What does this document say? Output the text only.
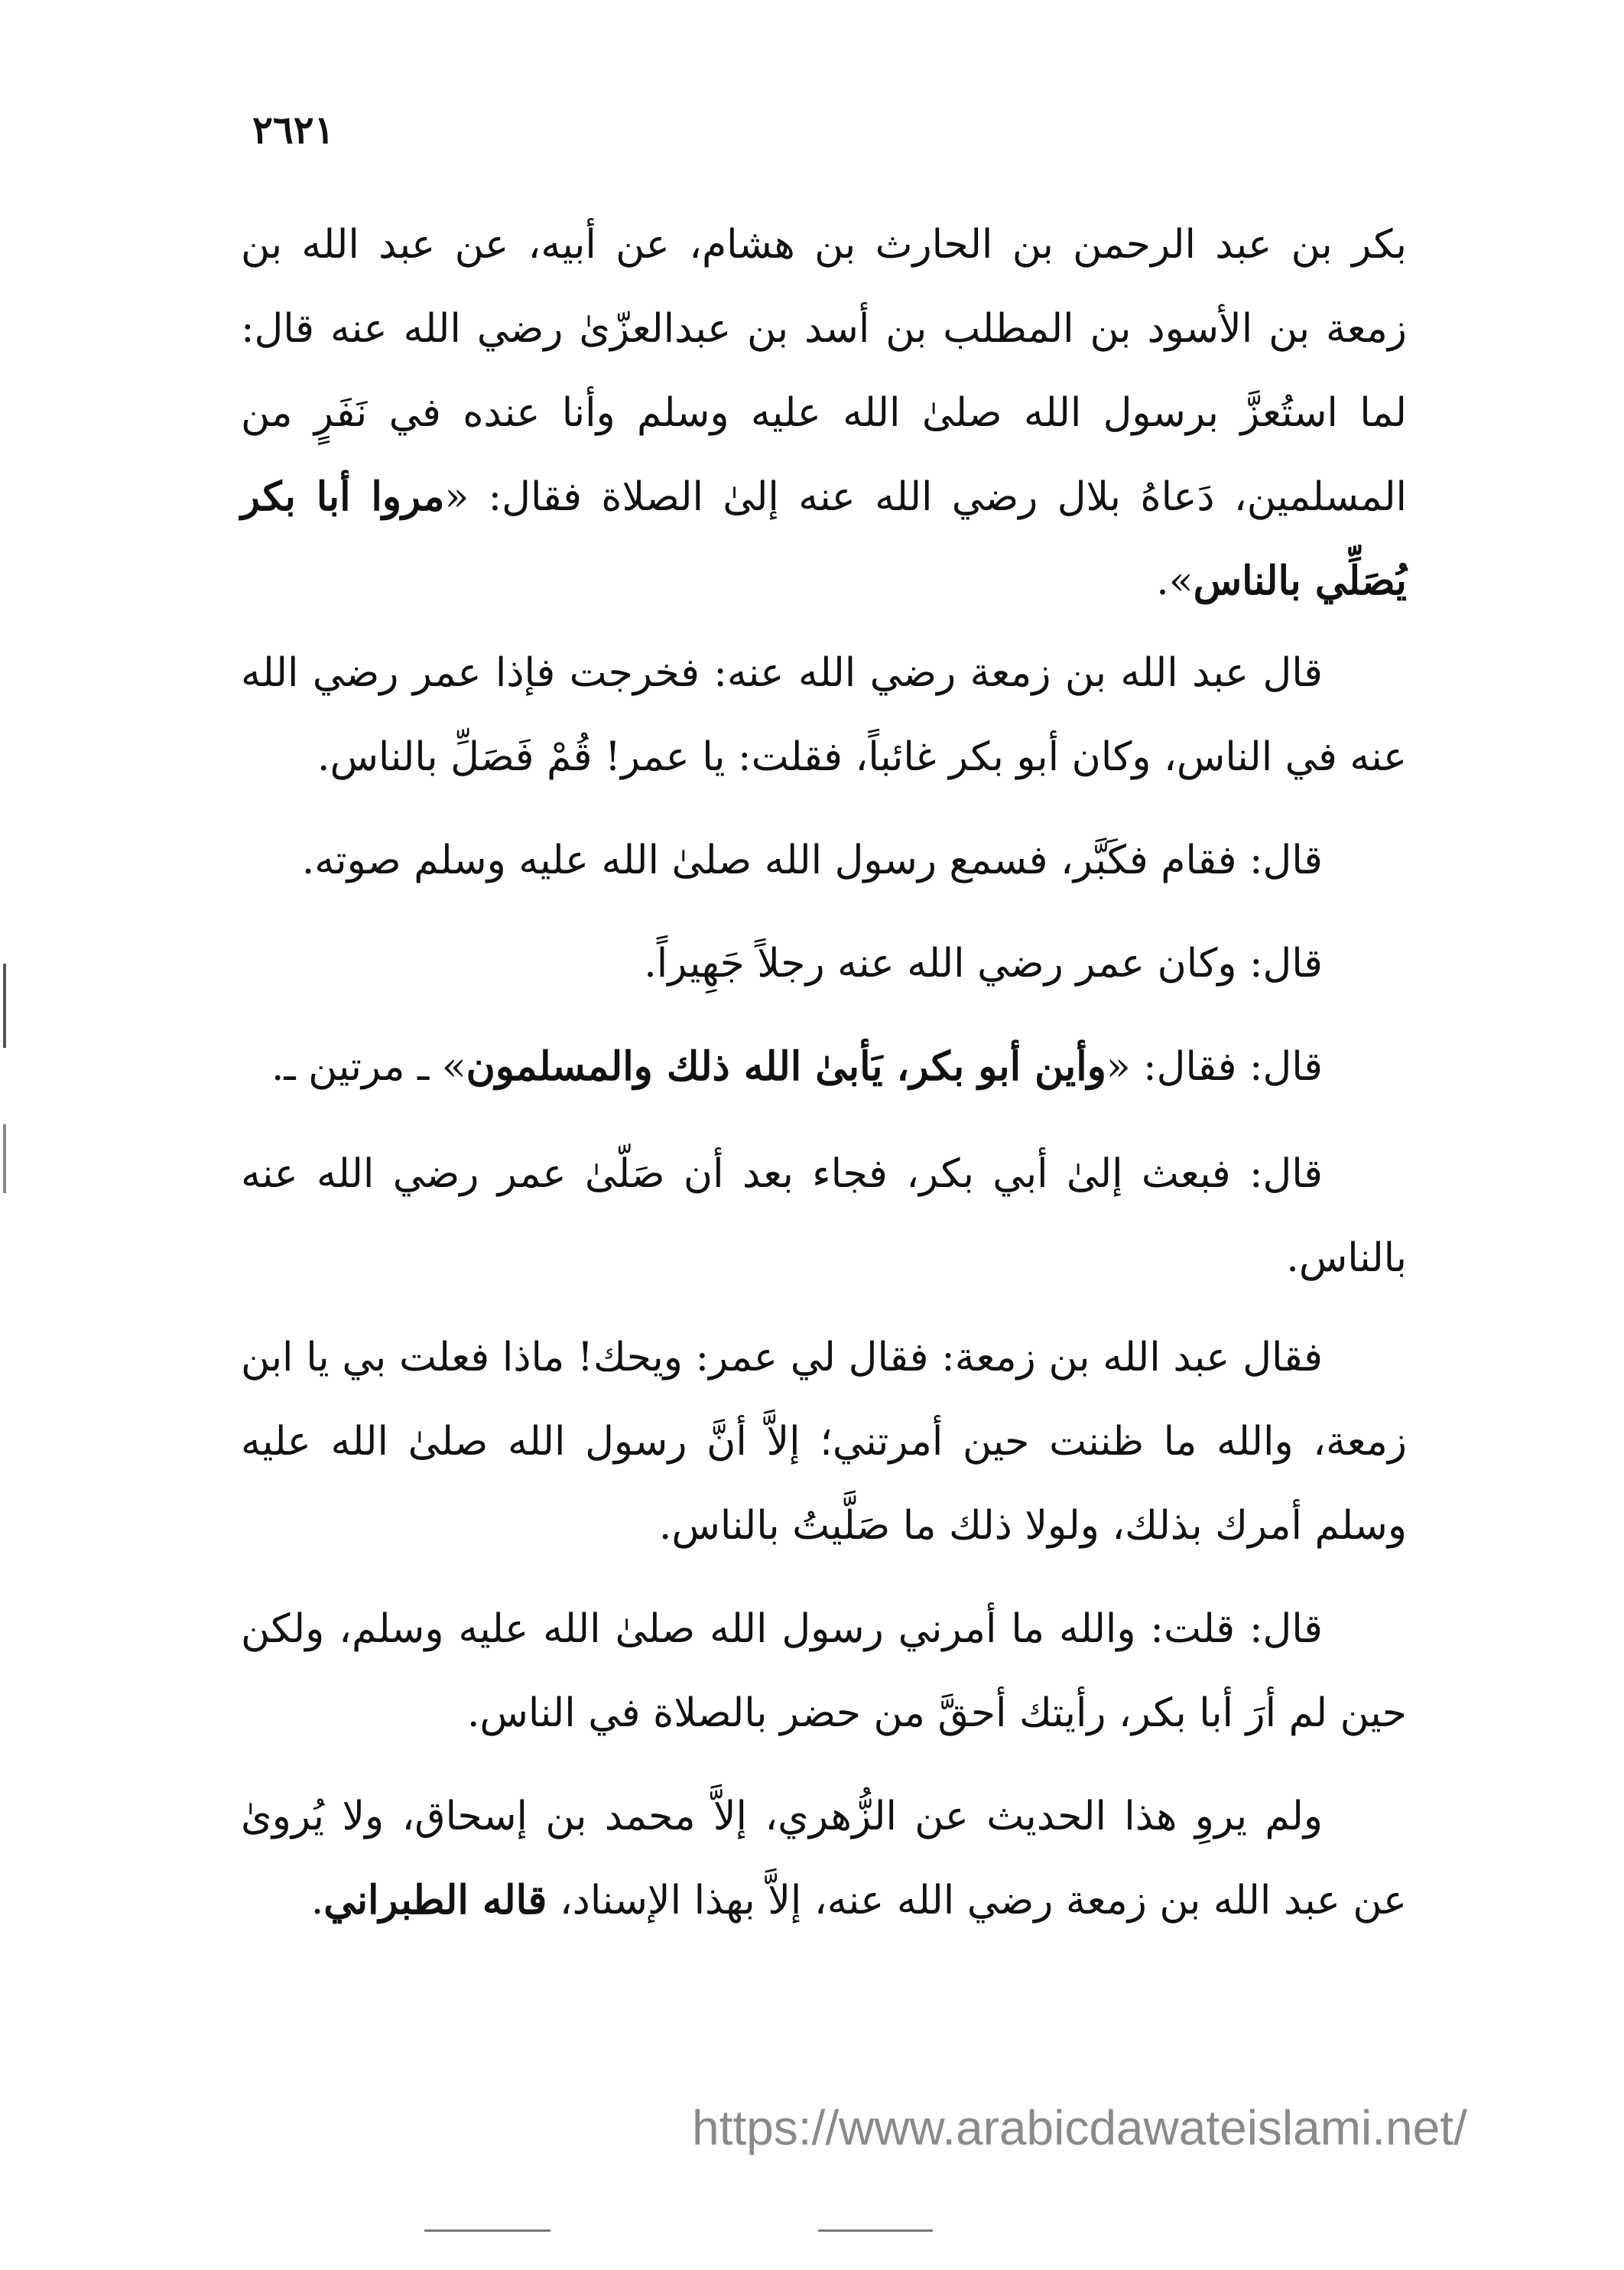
٢٦٢١

بكر بن عبد الرحمن بن الحارث بن هشام، عن أبيه، عن عبد الله بن زمعة بن الأسود بن المطلب بن أسد بن عبدالعزّىٰ رضي الله عنه قال: لما استُعزَّ برسول الله صلىٰ الله عليه وسلم وأنا عنده في نَفَرٍ من المسلمين، دَعاهُ بلال رضي الله عنه إلىٰ الصلاة فقال: «مروا أبا بكر يُصَلِّي بالناس».

قال عبد الله بن زمعة رضي الله عنه: فخرجت فإذا عمر رضي الله عنه في الناس، وكان أبو بكر غائباً، فقلت: يا عمر! قُمْ فَصَلِّ بالناس.

قال: فقام فكَبَّر، فسمع رسول الله صلىٰ الله عليه وسلم صوته.

قال: وكان عمر رضي الله عنه رجلاً جَهِيراً.

قال: فقال: «وأين أبو بكر، يَأبىٰ الله ذلك والمسلمون» ـ مرتين ـ.

قال: فبعث إلىٰ أبي بكر، فجاء بعد أن صَلّىٰ عمر رضي الله عنه بالناس.

فقال عبد الله بن زمعة: فقال لي عمر: ويحك! ماذا فعلت بي يا ابن زمعة، والله ما ظننت حين أمرتني؛ إلاَّ أنَّ رسول الله صلىٰ الله عليه وسلم أمرك بذلك، ولولا ذلك ما صَلَّيتُ بالناس.

قال: قلت: والله ما أمرني رسول الله صلىٰ الله عليه وسلم، ولكن حين لم أرَ أبا بكر، رأيتك أحقَّ من حضر بالصلاة في الناس.

ولم يروِ هذا الحديث عن الزُّهري، إلاَّ محمد بن إسحاق، ولا يُروىٰ عن عبد الله بن زمعة رضي الله عنه، إلاَّ بهذا الإسناد، قاله الطبراني.

https://www.arabicdawateislami.net/
